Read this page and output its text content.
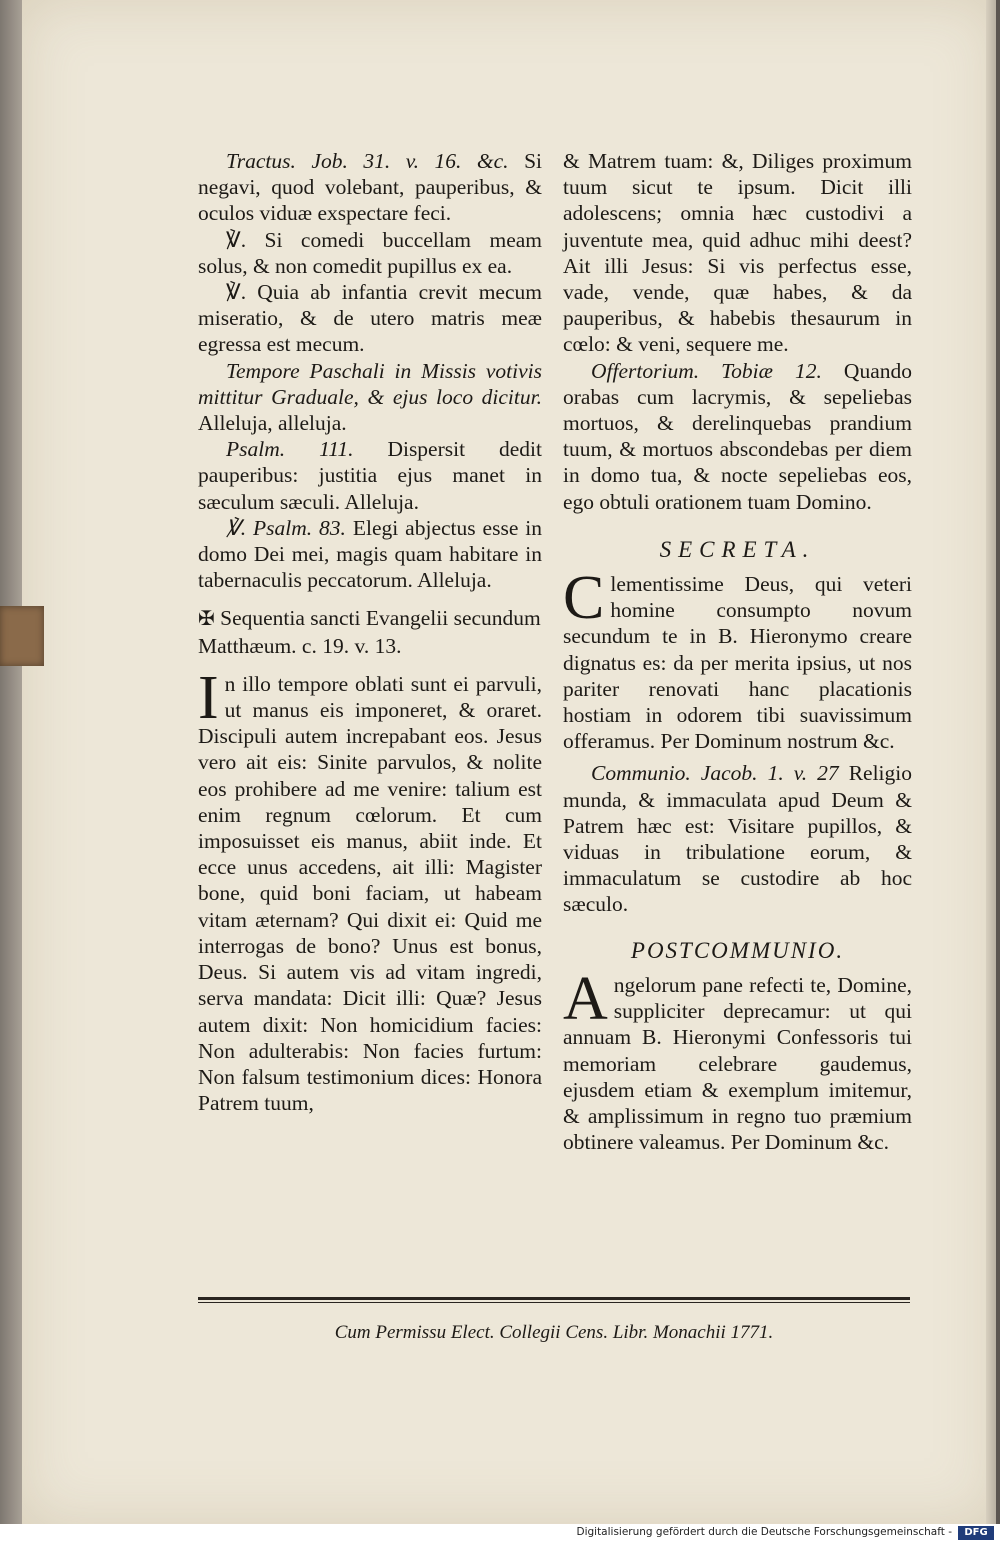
Tractus. Job. 31. v. 16. &c. Si negavi, quod volebant, pauperibus, & oculos viduæ exspectare feci.

℣. Si comedi buccellam meam solus, & non comedit pupillus ex ea.

℣. Quia ab infantia crevit mecum miseratio, & de utero matris meæ egressa est mecum.

Tempore Paschali in Missis votivis mittitur Graduale, & ejus loco dicitur. Alleluja, alleluja.

Psalm. 111. Dispersit dedit pauperibus: justitia ejus manet in sæculum sæculi. Alleluja.

℣. Psalm. 83. Elegi abjectus esse in domo Dei mei, magis quam habitare in tabernaculis peccatorum. Alleluja.

✠ Sequentia sancti Evangelii secundum Matthæum. c. 19. v. 13.

I n illo tempore oblati sunt ei parvuli, ut manus eis imponeret, & oraret. Discipuli autem increpabant eos. Jesus vero ait eis: Sinite parvulos, & nolite eos prohibere ad me venire: talium est enim regnum cœlorum. Et cum imposuisset eis manus, abiit inde. Et ecce unus accedens, ait illi: Magister bone, quid boni faciam, ut habeam vitam æternam? Qui dixit ei: Quid me interrogas de bono? Unus est bonus, Deus. Si autem vis ad vitam ingredi, serva mandata: Dicit illi: Quæ? Jesus autem dixit: Non homicidium facies: Non adulterabis: Non facies furtum: Non falsum testimonium dices: Honora Patrem tuum,

& Matrem tuam: &, Diliges proximum tuum sicut te ipsum. Dicit illi adolescens; omnia hæc custodivi a juventute mea, quid adhuc mihi deest? Ait illi Jesus: Si vis perfectus esse, vade, vende, quæ habes, & da pauperibus, & habebis thesaurum in cœlo: & veni, sequere me.

Offertorium. Tobiæ 12. Quando orabas cum lacrymis, & sepeliebas mortuos, & derelinquebas prandium tuum, & mortuos abscondebas per diem in domo tua, & nocte sepeliebas eos, ego obtuli orationem tuam Domino.

SECRETA.

C lementissime Deus, qui veteri homine consumpto novum secundum te in B. Hieronymo creare dignatus es: da per merita ipsius, ut nos pariter renovati hanc placationis hostiam in odorem tibi suavissimum offeramus. Per Dominum nostrum &c.

Communio. Jacob. 1. v. 27 Religio munda, & immaculata apud Deum & Patrem hæc est: Visitare pupillos, & viduas in tribulatione eorum, & immaculatum se custodire ab hoc sæculo.

POSTCOMMUNIO.

A ngelorum pane refecti te, Domine, suppliciter deprecamur: ut qui annuam B. Hieronymi Confessoris tui memoriam celebrare gaudemus, ejusdem etiam & exemplum imitemur, & amplissimum in regno tuo præmium obtinere valeamus. Per Dominum &c.

Cum Permissu Elect. Collegii Cens. Libr. Monachii 1771.
Digitalisierung gefördert durch die Deutsche Forschungsgemeinschaft -	DFG
